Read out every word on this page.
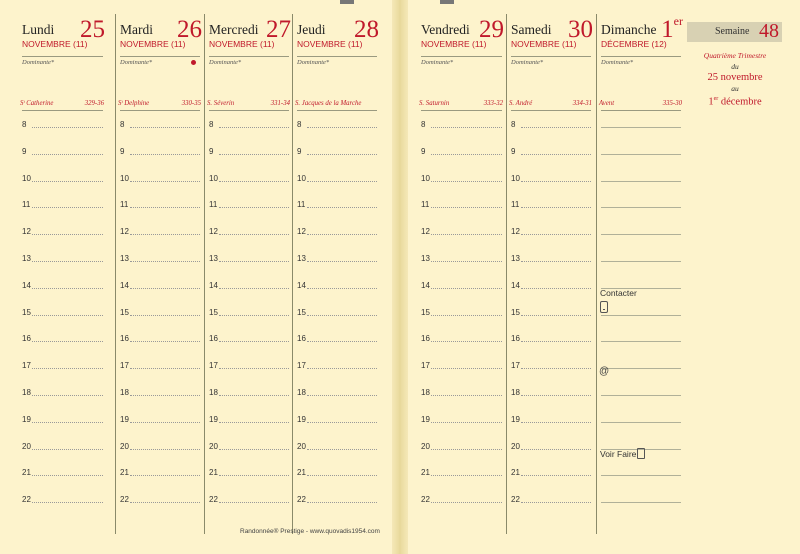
Lundi 25
NOVEMBRE (11)
Dominante*
Sᵗ Catherine	329-36
8
9
10
11
12
13
14
15
16
17
18
19
20
21
22
Mardi 26
NOVEMBRE (11)
Dominante*
Sᵗ Delphine	330-35
8
9
10
11
12
13
14
15
16
17
18
19
20
21
22
Mercredi 27
NOVEMBRE (11)
Dominante*
S. Séverin	331-34
8
9
10
11
12
13
14
15
16
17
18
19
20
21
22
Jeudi 28
NOVEMBRE (11)
Dominante*
S. Jacques de la Marche
8
9
10
11
12
13
14
15
16
17
18
19
20
21
22
Vendredi 29
NOVEMBRE (11)
Dominante*
S. Saturnin	333-32
8
9
10
11
12
13
14
15
16
17
18
19
20
21
22
Samedi 30
NOVEMBRE (11)
Dominante*
S. André	334-31
8
9
10
11
12
13
14
15
16
17
18
19
20
21
22
Dimanche 1er
DÉCEMBRE (12)
Dominante*
Avent	335-30
Semaine 48
Quatrième Trimestre
du
25 novembre
au
1er décembre
Contacter
@
Voir Faire
Randonnée® Prestige - www.quovadis1954.com
